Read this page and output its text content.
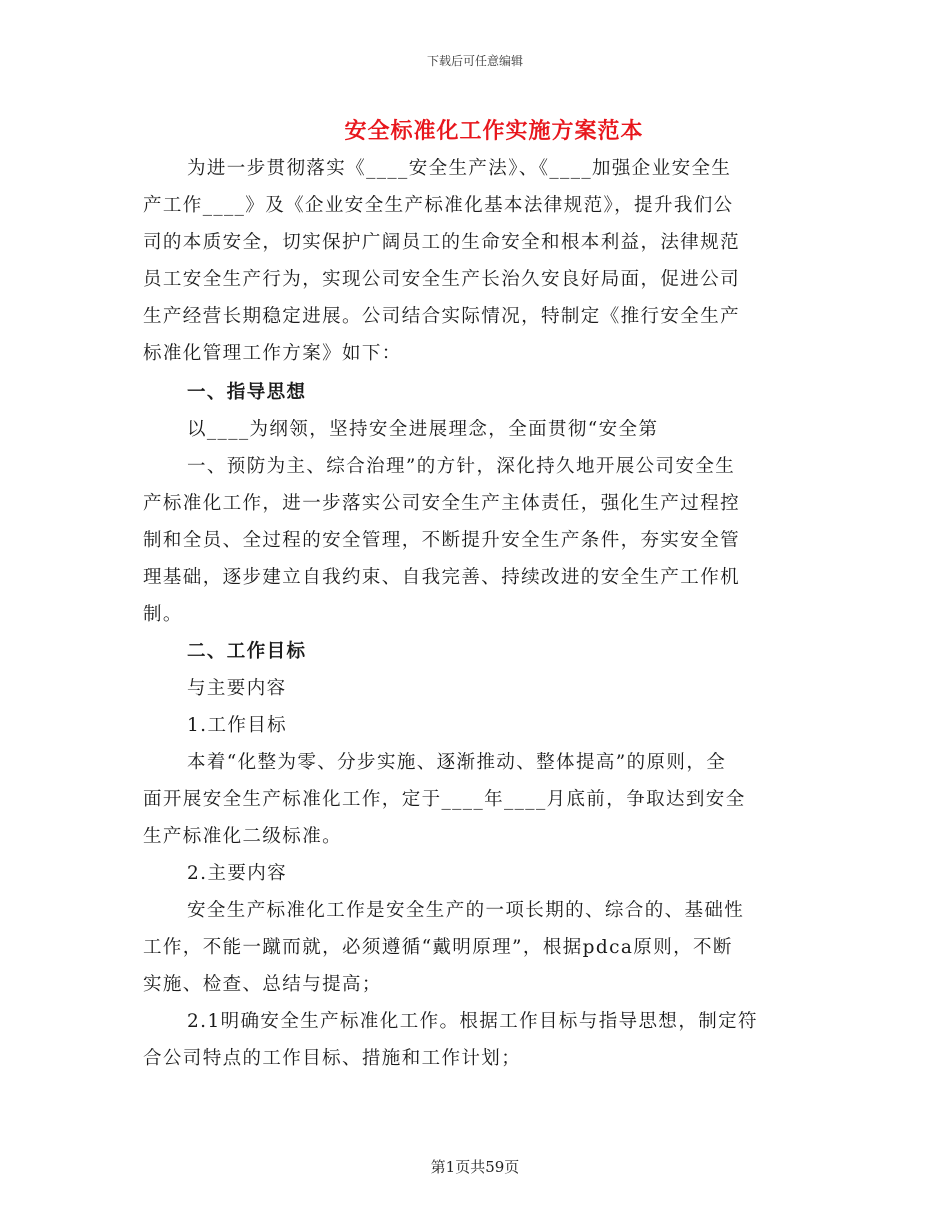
下载后可任意编辑
安全标准化工作实施方案范本
为进一步贯彻落实《____安全生产法》、《____加强企业安全生
产工作____》及《企业安全生产标准化基本法律规范》，提升我们公
司的本质安全，切实保护广阔员工的生命安全和根本利益，法律规范
员工安全生产行为，实现公司安全生产长治久安良好局面，促进公司
生产经营长期稳定进展。公司结合实际情况，特制定《推行安全生产
标准化管理工作方案》如下：
一、指导思想
以____为纲领，坚持安全进展理念，全面贯彻“安全第
一、预防为主、综合治理”的方针，深化持久地开展公司安全生
产标准化工作，进一步落实公司安全生产主体责任，强化生产过程控
制和全员、全过程的安全管理，不断提升安全生产条件，夯实安全管
理基础，逐步建立自我约束、自我完善、持续改进的安全生产工作机
制。
二、工作目标
与主要内容
1.工作目标
本着“化整为零、分步实施、逐渐推动、整体提高”的原则，全
面开展安全生产标准化工作，定于____年____月底前，争取达到安全
生产标准化二级标准。
2.主要内容
安全生产标准化工作是安全生产的一项长期的、综合的、基础性
工作，不能一蹴而就，必须遵循“戴明原理”，根据pdca原则，不断
实施、检查、总结与提高；
2.1明确安全生产标准化工作。根据工作目标与指导思想，制定符
合公司特点的工作目标、措施和工作计划；
第1页共59页
